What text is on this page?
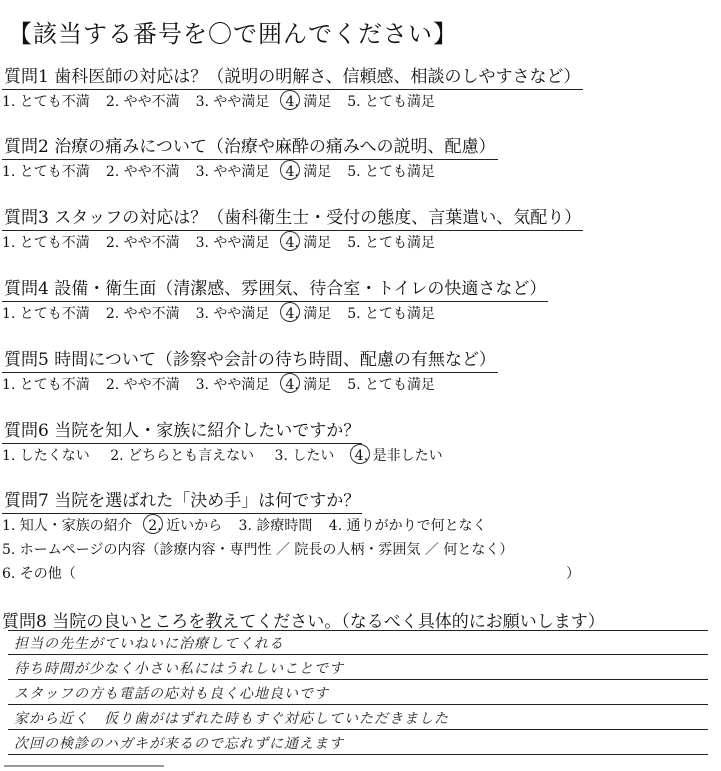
【該当する番号を〇で囲んでください】
質問1 歯科医師の対応は？（説明の明解さ、信頼感、相談のしやすさなど）
1. とても不満 2. やや不満 3. やや満足 4. 満足 5. とても満足
質問2 治療の痛みについて（治療や麻酔の痛みへの説明、配慮）
1. とても不満 2. やや不満 3. やや満足 4. 満足 5. とても満足
質問3 スタッフの対応は？（歯科衛生士・受付の態度、言葉遣い、気配り）
1. とても不満 2. やや不満 3. やや満足 4. 満足 5. とても満足
質問4 設備・衛生面（清潔感、雰囲気、待合室・トイレの快適さなど）
1. とても不満 2. やや不満 3. やや満足 4. 満足 5. とても満足
質問5 時間について（診察や会計の待ち時間、配慮の有無など）
1. とても不満 2. やや不満 3. やや満足 4. 満足 5. とても満足
質問6 当院を知人・家族に紹介したいですか？
1. したくない 2. どちらとも言えない 3. したい 4. 是非したい
質問7 当院を選ばれた「決め手」は何ですか？
1. 知人・家族の紹介 2. 近いから 3. 診療時間 4. 通りがかりで何となく
5. ホームページの内容（診療内容・専門性 ／ 院長の人柄・雰囲気 ／ 何となく）
6. その他（	）
質問8 当院の良いところを教えてください。（なるべく具体的にお願いします）
担当の先生がていねいに治療してくれる
待ち時間が少なく小さい私にはうれしいことです
スタッフの方も電話の応対も良く心地良いです
家から近く　仮り歯がはずれた時もすぐ対応していただきました
次回の検診のハガキが来るので忘れずに通えます
